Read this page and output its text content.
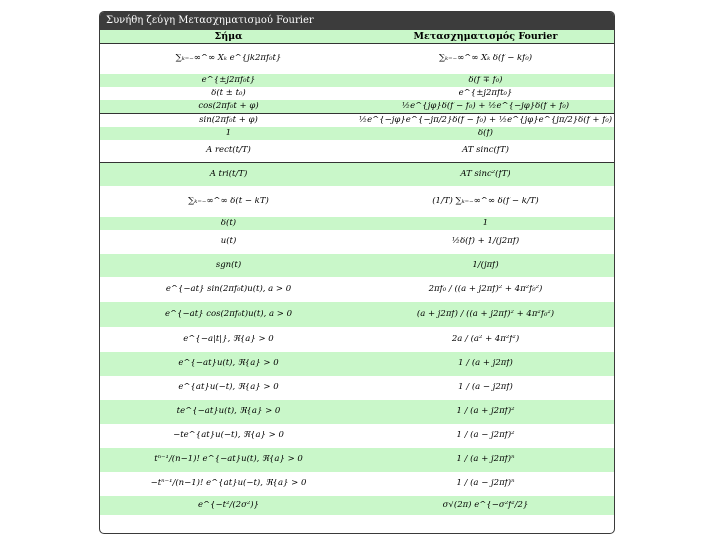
Συνήθη ζεύγη Μετασχηματισμού Fourier
Σήμα	Μετασχηματισμός Fourier
∑ₖ₌₋∞^∞ Xₖ e^{jk2πf₀t}	∑ₖ₌₋∞^∞ Xₖ δ(f − kf₀)
e^{±j2πf₀t}	δ(f ∓ f₀)
δ(t ± t₀)	e^{±j2πft₀}
cos(2πf₀t + φ)	½e^{jφ}δ(f − f₀) + ½e^{−jφ}δ(f + f₀)
sin(2πf₀t + φ)	½e^{−jφ}e^{−jπ/2}δ(f − f₀) + ½e^{jφ}e^{jπ/2}δ(f + f₀)
1	δ(f)
A rect(t/T)	AT sinc(fT)
A tri(t/T)	AT sinc²(fT)
∑ₖ₌₋∞^∞ δ(t − kT)	(1/T) ∑ₖ₌₋∞^∞ δ(f − k/T)
δ(t)	1
u(t)	½δ(f) + 1/(j2πf)
sgn(t)	1/(jπf)
e^{−at} sin(2πf₀t)u(t), a > 0	2πf₀ / ((a + j2πf)² + 4π²f₀²)
e^{−at} cos(2πf₀t)u(t), a > 0	(a + j2πf) / ((a + j2πf)² + 4π²f₀²)
e^{−a|t|}, ℜ{a} > 0	2a / (a² + 4π²f²)
e^{−at}u(t), ℜ{a} > 0	1 / (a + j2πf)
e^{at}u(−t), ℜ{a} > 0	1 / (a − j2πf)
te^{−at}u(t), ℜ{a} > 0	1 / (a + j2πf)²
−te^{at}u(−t), ℜ{a} > 0	1 / (a − j2πf)²
tⁿ⁻¹/(n−1)! e^{−at}u(t), ℜ{a} > 0	1 / (a + j2πf)ⁿ
−tⁿ⁻¹/(n−1)! e^{at}u(−t), ℜ{a} > 0	1 / (a − j2πf)ⁿ
e^{−t²/(2σ²)}	σ√(2π) e^{−σ²f²/2}
